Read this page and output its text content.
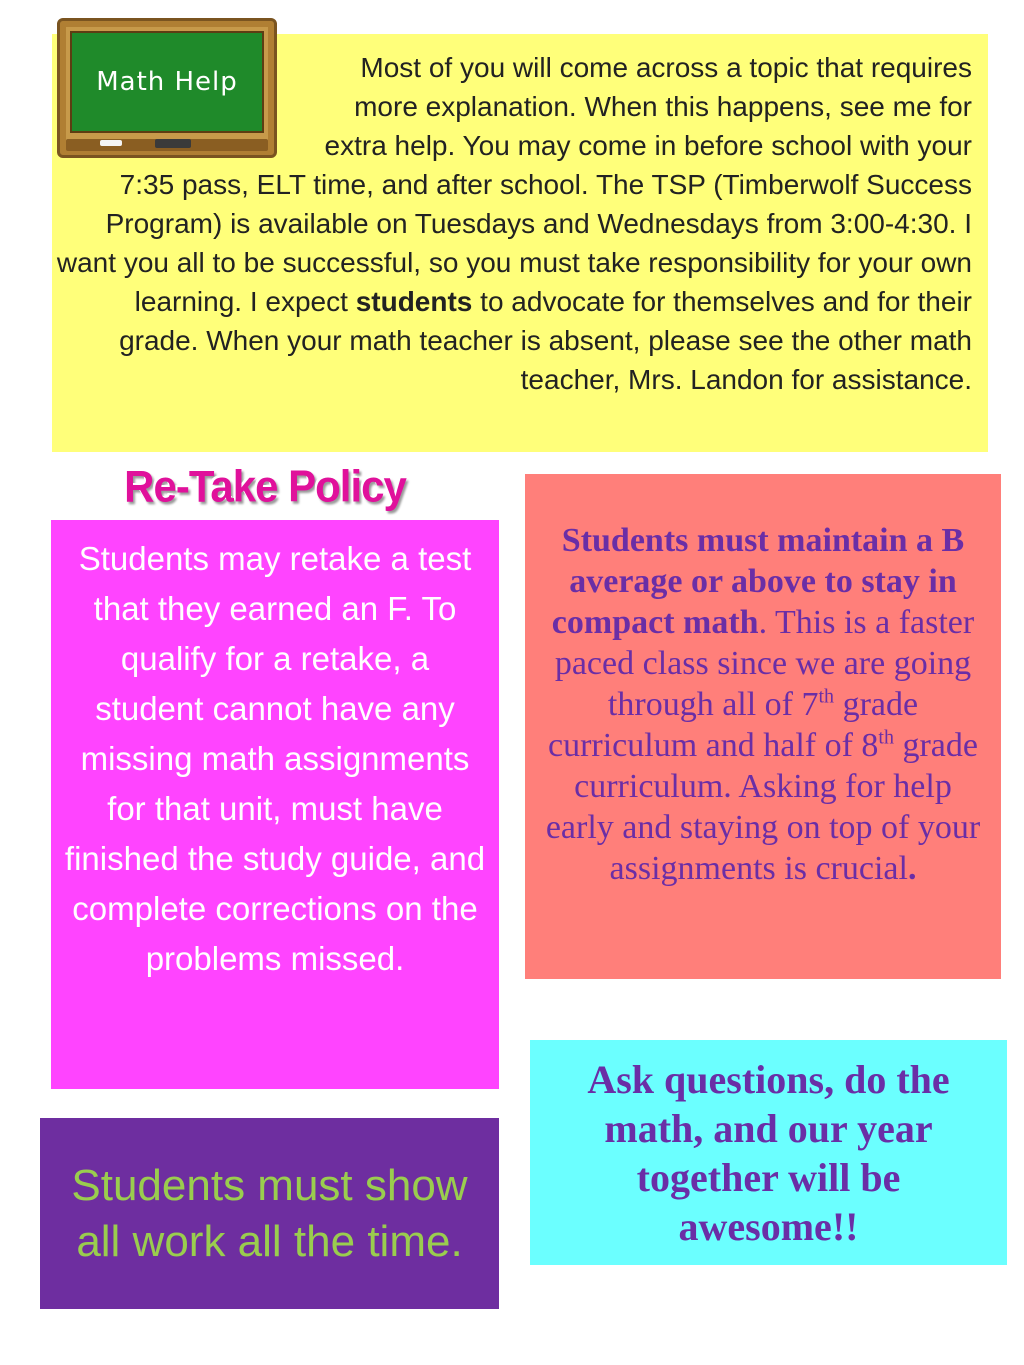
Most of you will come across a topic that requires more explanation. When this happens, see me for extra help. You may come in before school with your 7:35 pass, ELT time, and after school. The TSP (Timberwolf Success Program) is available on Tuesdays and Wednesdays from 3:00-4:30. I want you all to be successful, so you must take responsibility for your own learning. I expect students to advocate for themselves and for their grade. When your math teacher is absent, please see the other math teacher, Mrs. Landon for assistance.
Math Help
Re-Take Policy
Students may retake a test that they earned an F. To qualify for a retake, a student cannot have any missing math assignments for that unit, must have finished the study guide, and complete corrections on the problems missed.
Students must maintain a B average or above to stay in compact math. This is a faster paced class since we are going through all of 7th grade curriculum and half of 8th grade curriculum. Asking for help early and staying on top of your assignments is crucial.
Students must show all work all the time.
Ask questions, do the math, and our year together will be awesome!!
